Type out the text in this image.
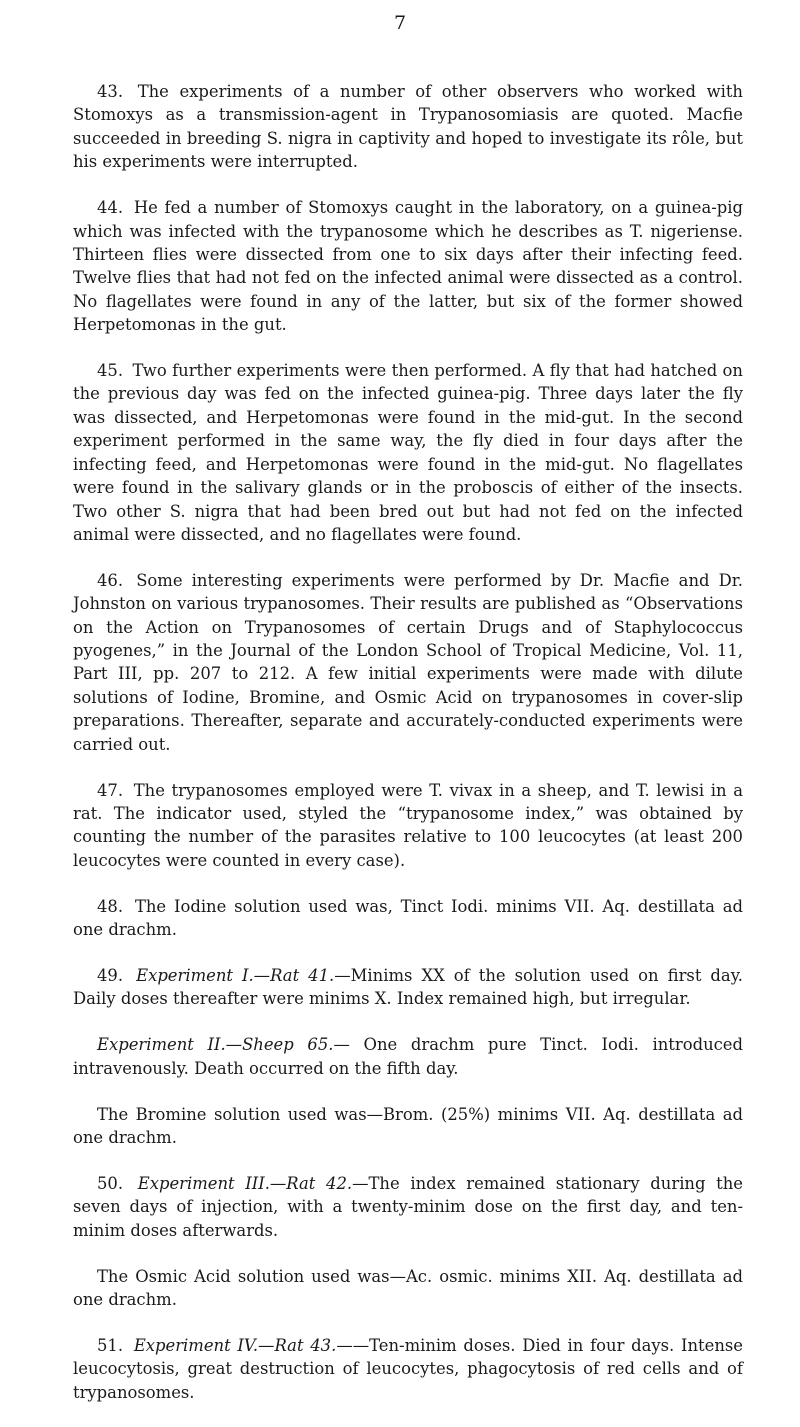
7

43. The experiments of a number of other observers who worked with Stomoxys as a transmission-agent in Trypanosomiasis are quoted. Macfie succeeded in breeding S. nigra in captivity and hoped to investigate its rôle, but his experiments were interrupted.

44. He fed a number of Stomoxys caught in the laboratory, on a guinea-pig which was infected with the trypanosome which he describes as T. nigeriense. Thirteen flies were dissected from one to six days after their infecting feed. Twelve flies that had not fed on the infected animal were dissected as a control. No flagellates were found in any of the latter, but six of the former showed Herpetomonas in the gut.

45. Two further experiments were then performed. A fly that had hatched on the previous day was fed on the infected guinea-pig. Three days later the fly was dissected, and Herpetomonas were found in the mid-gut. In the second experiment performed in the same way, the fly died in four days after the infecting feed, and Herpetomonas were found in the mid-gut. No flagellates were found in the salivary glands or in the proboscis of either of the insects. Two other S. nigra that had been bred out but had not fed on the infected animal were dissected, and no flagellates were found.

46. Some interesting experiments were performed by Dr. Macfie and Dr. Johnston on various trypanosomes. Their results are published as “Observations on the Action on Trypanosomes of certain Drugs and of Staphylococcus pyogenes,” in the Journal of the London School of Tropical Medicine, Vol. 11, Part III, pp. 207 to 212. A few initial experiments were made with dilute solutions of Iodine, Bromine, and Osmic Acid on trypanosomes in cover-slip preparations. Thereafter, separate and accurately-conducted experiments were carried out.

47. The trypanosomes employed were T. vivax in a sheep, and T. lewisi in a rat. The indicator used, styled the “trypanosome index,” was obtained by counting the number of the parasites relative to 100 leucocytes (at least 200 leucocytes were counted in every case).

48. The Iodine solution used was, Tinct Iodi. minims VII. Aq. destillata ad one drachm.

49. Experiment I.—Rat 41.—Minims XX of the solution used on first day. Daily doses thereafter were minims X. Index remained high, but irregular.

Experiment II.—Sheep 65.— One drachm pure Tinct. Iodi. introduced intravenously. Death occurred on the fifth day.

The Bromine solution used was—Brom. (25%) minims VII. Aq. destillata ad one drachm.

50. Experiment III.—Rat 42.—The index remained stationary during the seven days of injection, with a twenty-minim dose on the first day, and ten-minim doses afterwards.

The Osmic Acid solution used was—Ac. osmic. minims XII. Aq. destillata ad one drachm.

51. Experiment IV.—Rat 43.——Ten-minim doses. Died in four days. Intense leucocytosis, great destruction of leucocytes, phagocytosis of red cells and of trypanosomes.
